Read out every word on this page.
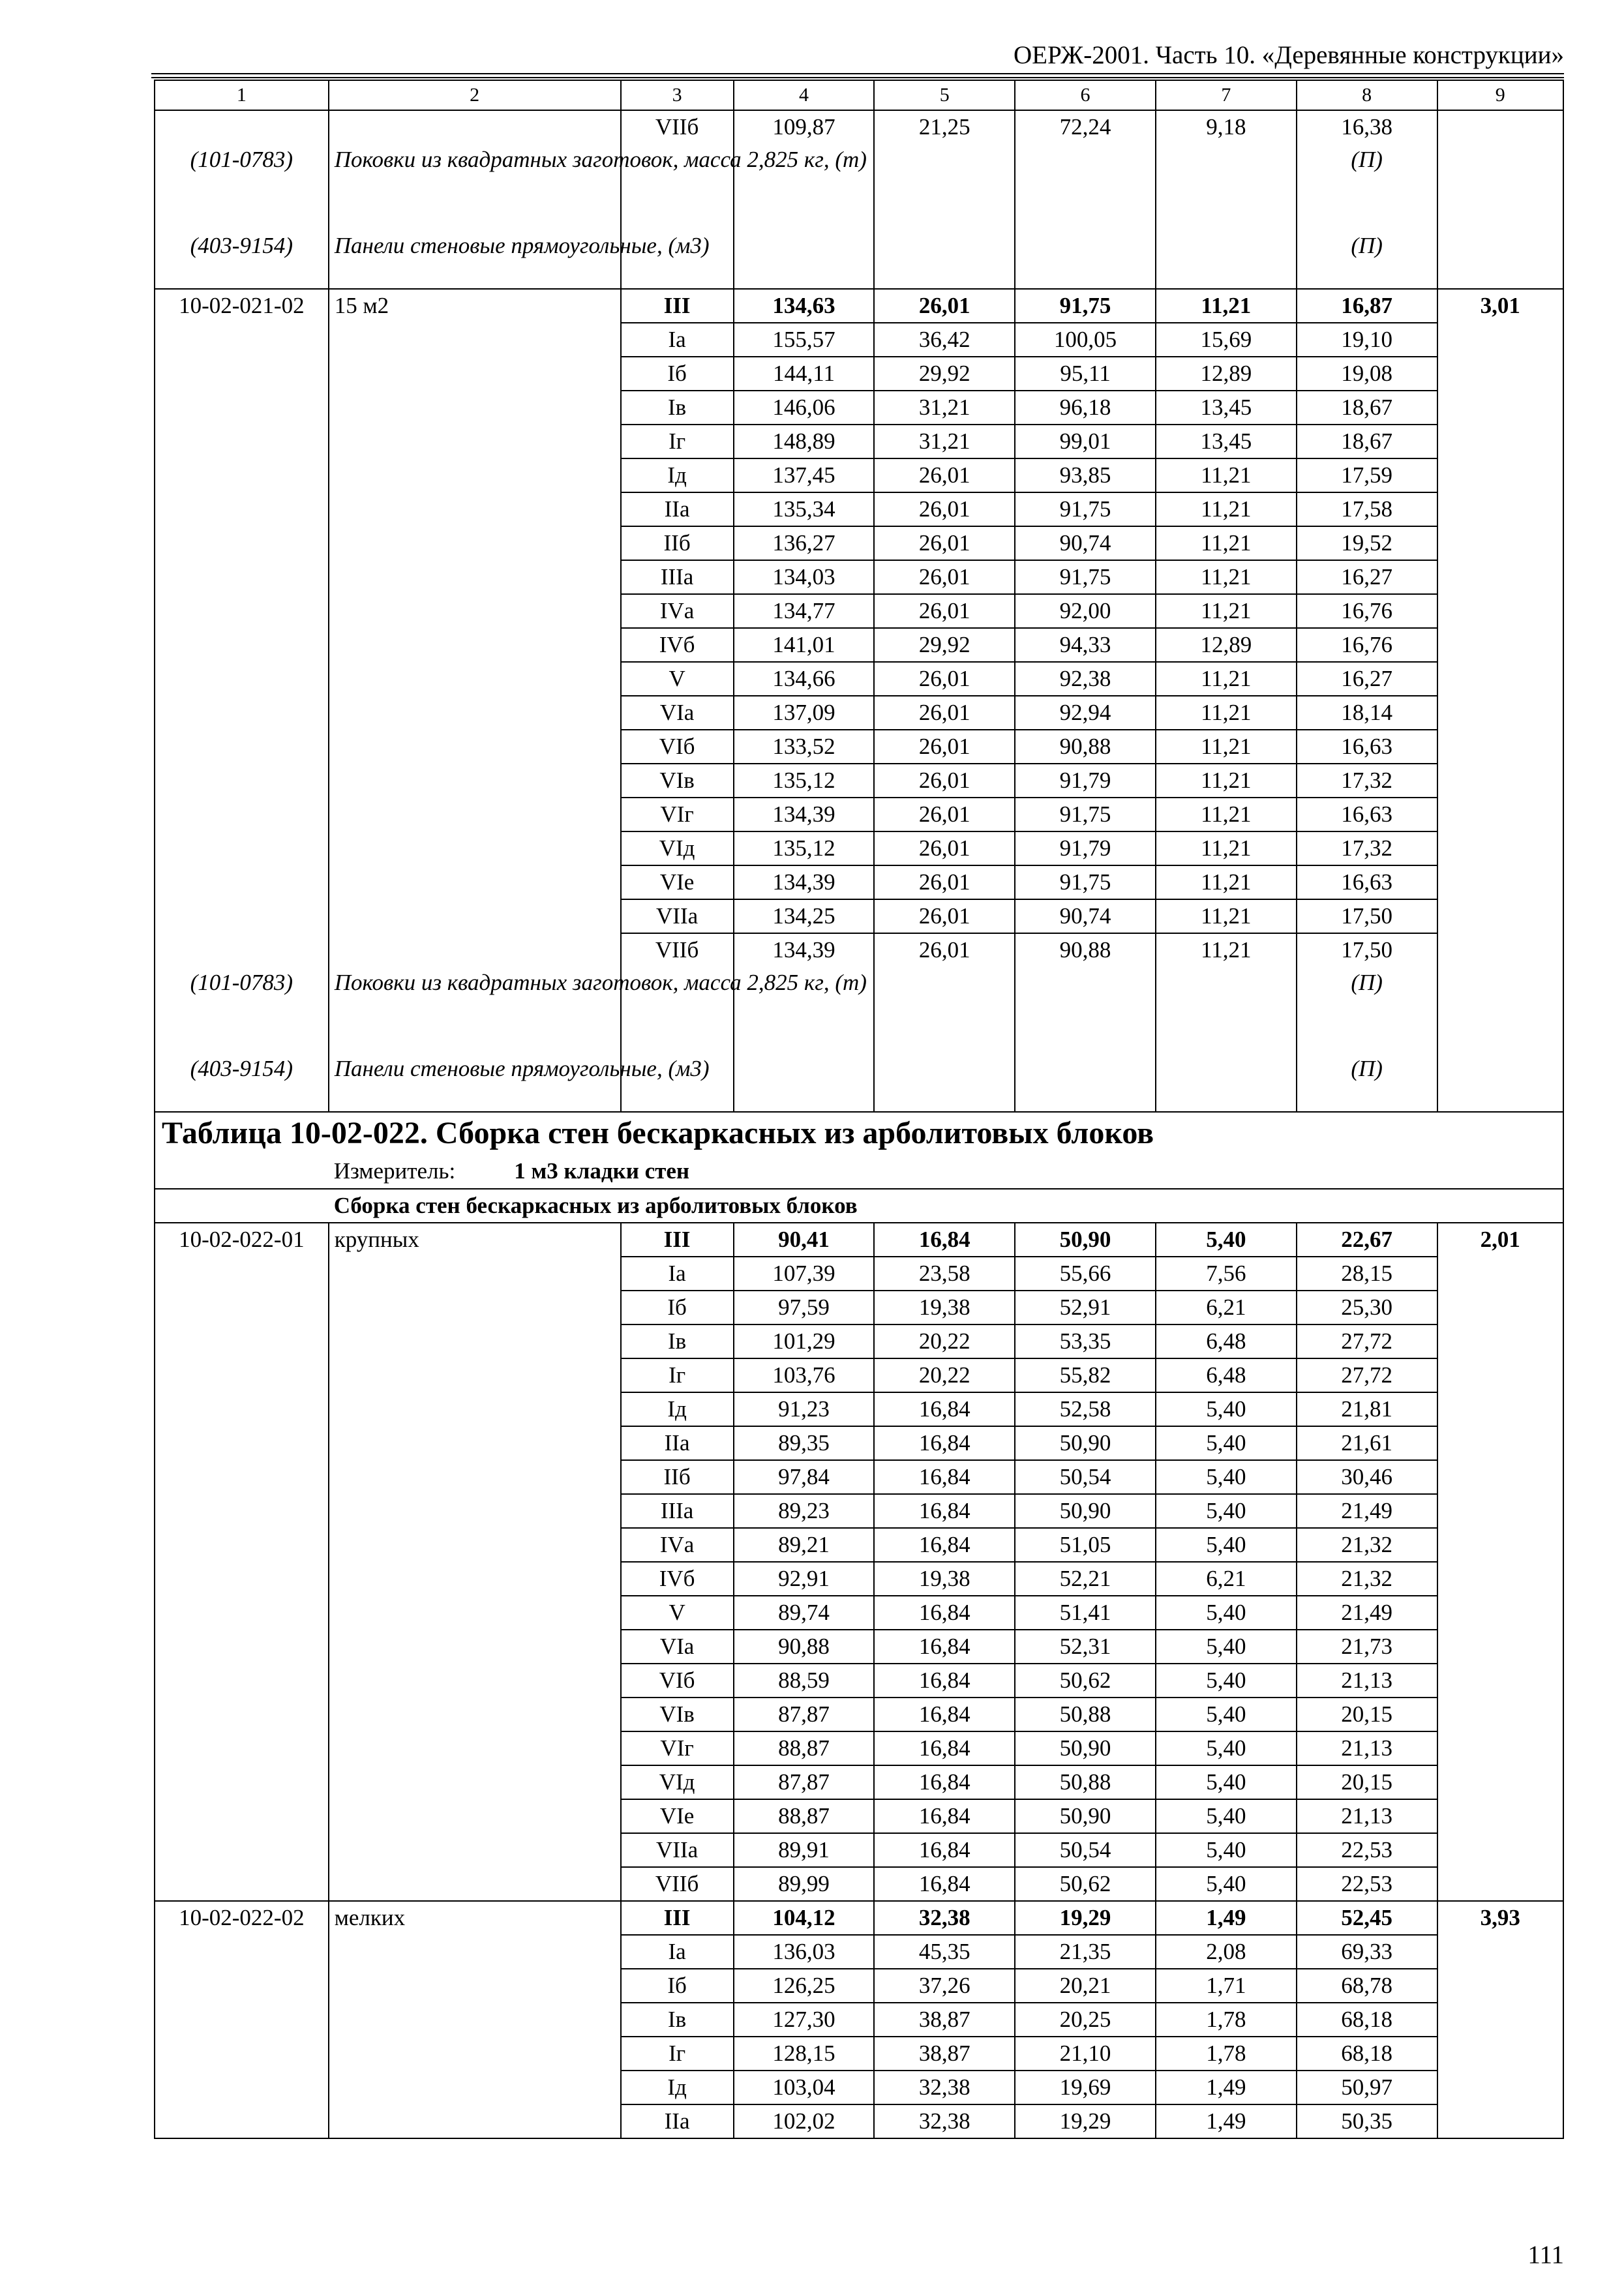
ОЕРЖ-2001. Часть 10. «Деревянные конструкции»
1	2	3	4	5	6	7	8	9
		VIIб	109,87	21,25	72,24	9,18	16,38	
(101-0783)	Поковки из квадратных заготовок, масса 2,825 кг, (т)						(П)	
(403-9154)	Панели стеновые прямоугольные, (м3)						(П)	
10-02-021-02	15 м2	III	134,63	26,01	91,75	11,21	16,87	3,01
		Iа	155,57	36,42	100,05	15,69	19,10	
		Iб	144,11	29,92	95,11	12,89	19,08	
		Iв	146,06	31,21	96,18	13,45	18,67	
		Iг	148,89	31,21	99,01	13,45	18,67	
		Iд	137,45	26,01	93,85	11,21	17,59	
		IIа	135,34	26,01	91,75	11,21	17,58	
		IIб	136,27	26,01	90,74	11,21	19,52	
		IIIа	134,03	26,01	91,75	11,21	16,27	
		IVа	134,77	26,01	92,00	11,21	16,76	
		IVб	141,01	29,92	94,33	12,89	16,76	
		V	134,66	26,01	92,38	11,21	16,27	
		VIа	137,09	26,01	92,94	11,21	18,14	
		VIб	133,52	26,01	90,88	11,21	16,63	
		VIв	135,12	26,01	91,79	11,21	17,32	
		VIг	134,39	26,01	91,75	11,21	16,63	
		VIд	135,12	26,01	91,79	11,21	17,32	
		VIе	134,39	26,01	91,75	11,21	16,63	
		VIIа	134,25	26,01	90,74	11,21	17,50	
		VIIб	134,39	26,01	90,88	11,21	17,50	
(101-0783)	Поковки из квадратных заготовок, масса 2,825 кг, (т)						(П)	
(403-9154)	Панели стеновые прямоугольные, (м3)						(П)	
Таблица 10-02-022. Сборка стен бескаркасных из арболитовых блоков								
	Измеритель: 1 м3 кладки стен							
	Сборка стен бескаркасных из арболитовых блоков							
10-02-022-01	крупных	III	90,41	16,84	50,90	5,40	22,67	2,01
		Iа	107,39	23,58	55,66	7,56	28,15	
		Iб	97,59	19,38	52,91	6,21	25,30	
		Iв	101,29	20,22	53,35	6,48	27,72	
		Iг	103,76	20,22	55,82	6,48	27,72	
		Iд	91,23	16,84	52,58	5,40	21,81	
		IIа	89,35	16,84	50,90	5,40	21,61	
		IIб	97,84	16,84	50,54	5,40	30,46	
		IIIа	89,23	16,84	50,90	5,40	21,49	
		IVа	89,21	16,84	51,05	5,40	21,32	
		IVб	92,91	19,38	52,21	6,21	21,32	
		V	89,74	16,84	51,41	5,40	21,49	
		VIа	90,88	16,84	52,31	5,40	21,73	
		VIб	88,59	16,84	50,62	5,40	21,13	
		VIв	87,87	16,84	50,88	5,40	20,15	
		VIг	88,87	16,84	50,90	5,40	21,13	
		VIд	87,87	16,84	50,88	5,40	20,15	
		VIе	88,87	16,84	50,90	5,40	21,13	
		VIIа	89,91	16,84	50,54	5,40	22,53	
		VIIб	89,99	16,84	50,62	5,40	22,53	
10-02-022-02	мелких	III	104,12	32,38	19,29	1,49	52,45	3,93
		Iа	136,03	45,35	21,35	2,08	69,33	
		Iб	126,25	37,26	20,21	1,71	68,78	
		Iв	127,30	38,87	20,25	1,78	68,18	
		Iг	128,15	38,87	21,10	1,78	68,18	
		Iд	103,04	32,38	19,69	1,49	50,97	
		IIа	102,02	32,38	19,29	1,49	50,35	
111
